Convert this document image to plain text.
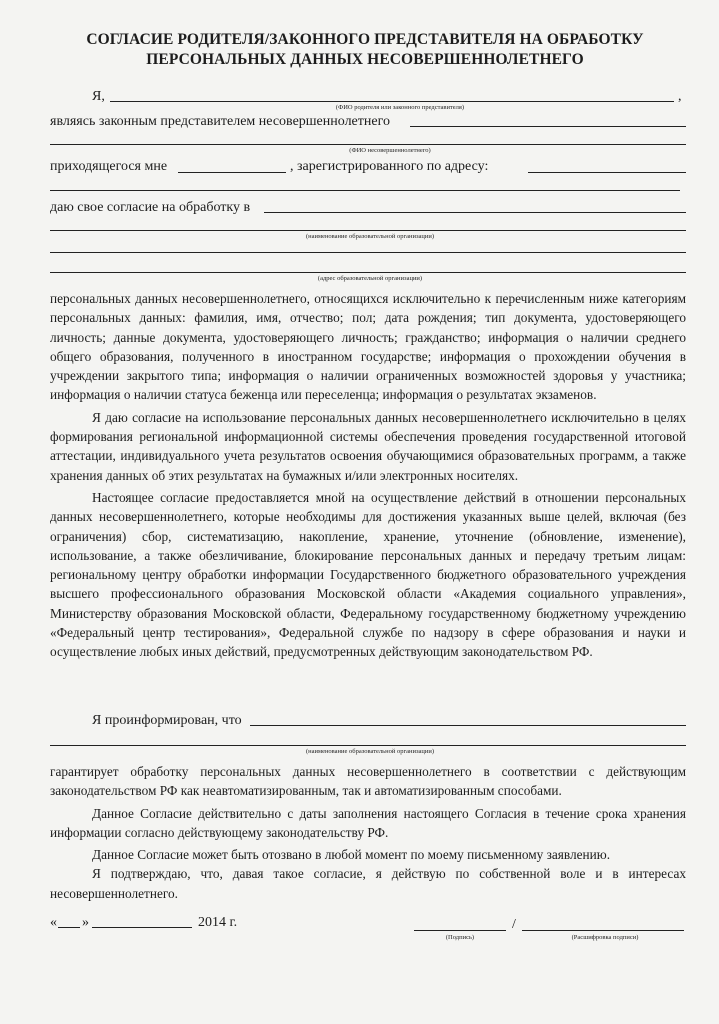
СОГЛАСИЕ РОДИТЕЛЯ/ЗАКОННОГО ПРЕДСТАВИТЕЛЯ НА ОБРАБОТКУ
ПЕРСОНАЛЬНЫХ ДАННЫХ НЕСОВЕРШЕННОЛЕТНЕГО
Я,	,
(ФИО родителя или законного представителя)
являясь законным представителем несовершеннолетнего
(ФИО несовершеннолетнего)
приходящегося мне	, зарегистрированного по адресу:
даю свое согласие на обработку в
(наименование образовательной организации)
(адрес образовательной организации)

персональных данных несовершеннолетнего, относящихся исключительно к перечисленным ниже категориям персональных данных: фамилия, имя, отчество; пол; дата рождения; тип документа, удостоверяющего личность; данные документа, удостоверяющего личность; гражданство; информация о наличии среднего общего образования, полученного в иностранном государстве; информация о прохождении обучения в учреждении закрытого типа; информация о наличии ограниченных возможностей здоровья у участника; информация о наличии статуса беженца или переселенца; информация о результатах экзаменов.

Я даю согласие на использование персональных данных несовершеннолетнего исключительно в целях формирования региональной информационной системы обеспечения проведения государственной итоговой аттестации, индивидуального учета результатов освоения обучающимися образовательных программ, а также хранения данных об этих результатах на бумажных и/или электронных носителях.

Настоящее согласие предоставляется мной на осуществление действий в отношении персональных данных несовершеннолетнего, которые необходимы для достижения указанных выше целей, включая (без ограничения) сбор, систематизацию, накопление, хранение, уточнение (обновление, изменение), использование, а также обезличивание, блокирование персональных данных и передачу третьим лицам: региональному центру обработки информации Государственного бюджетного образовательного учреждения высшего профессионального образования Московской области «Академия социального управления», Министерству образования Московской области, Федеральному государственному бюджетному учреждению «Федеральный центр тестирования», Федеральной службе по надзору в сфере образования и науки и осуществление любых иных действий, предусмотренных действующим законодательством РФ.

Я проинформирован, что
(наименование образовательной организации)

гарантирует обработку персональных данных несовершеннолетнего в соответствии с действующим законодательством РФ как неавтоматизированным, так и автоматизированным способами.

Данное Согласие действительно с даты заполнения настоящего Согласия в течение срока хранения информации согласно действующему законодательству РФ.

Данное Согласие может быть отозвано в любой момент по моему письменному заявлению.

Я подтверждаю, что, давая такое согласие, я действую по собственной воле и в интересах несовершеннолетнего.

« »	2014 г.	/
(Подпись)	(Расшифровка подписи)
